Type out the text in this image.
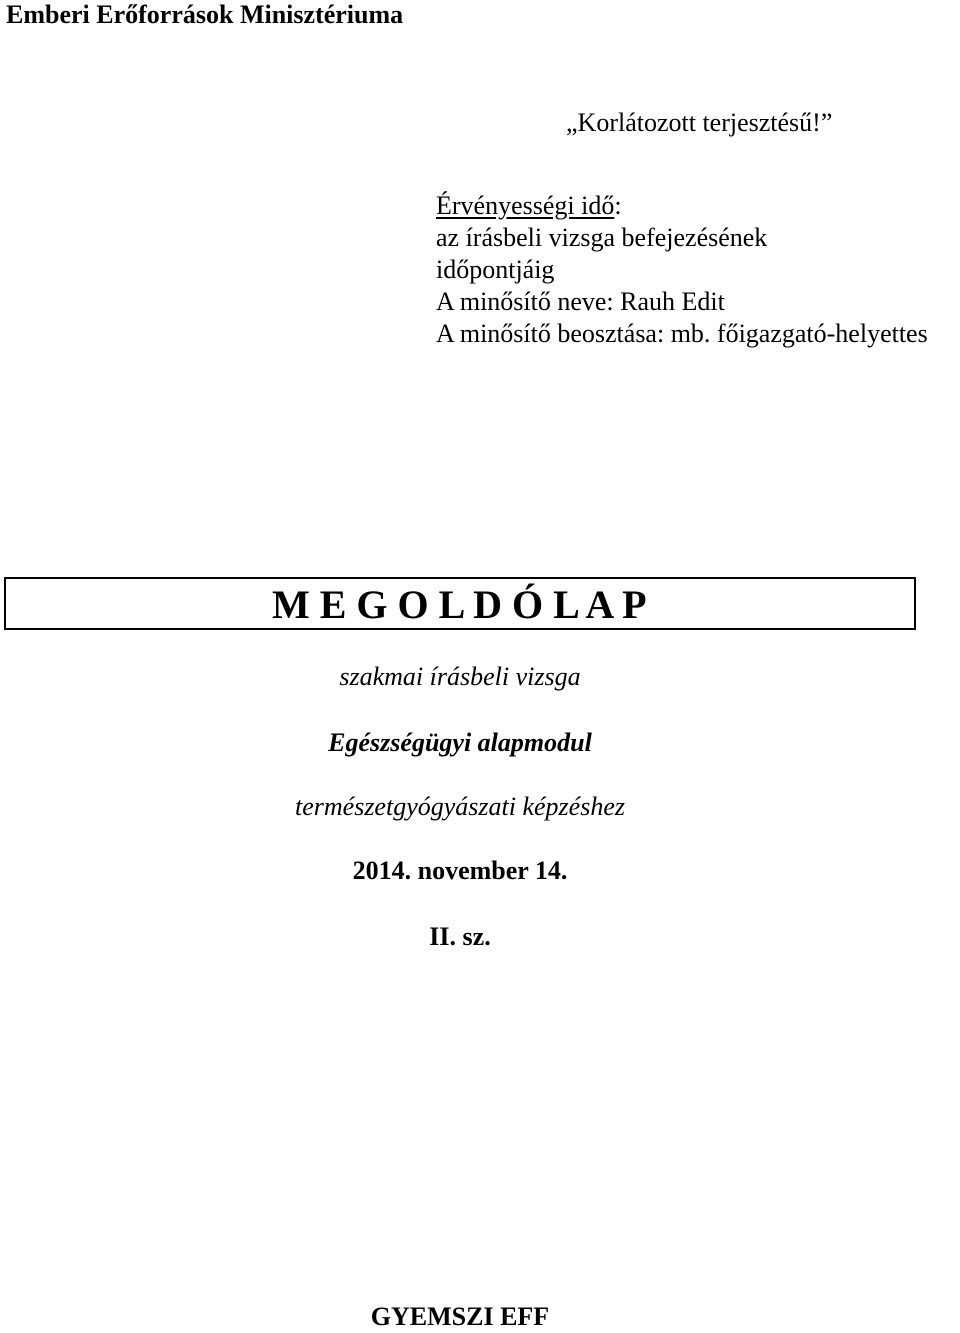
Emberi Erőforrások Minisztériuma
„Korlátozott terjesztésű!”
Érvényességi idő:
az írásbeli vizsga befejezésének
időpontjáig
A minősítő neve: Rauh Edit
A minősítő beosztása: mb. főigazgató-helyettes
M E G O L D Ó L A P
szakmai írásbeli vizsga
Egészségügyi alapmodul
természetgyógyászati képzéshez
2014. november 14.
II. sz.
GYEMSZI EFF
